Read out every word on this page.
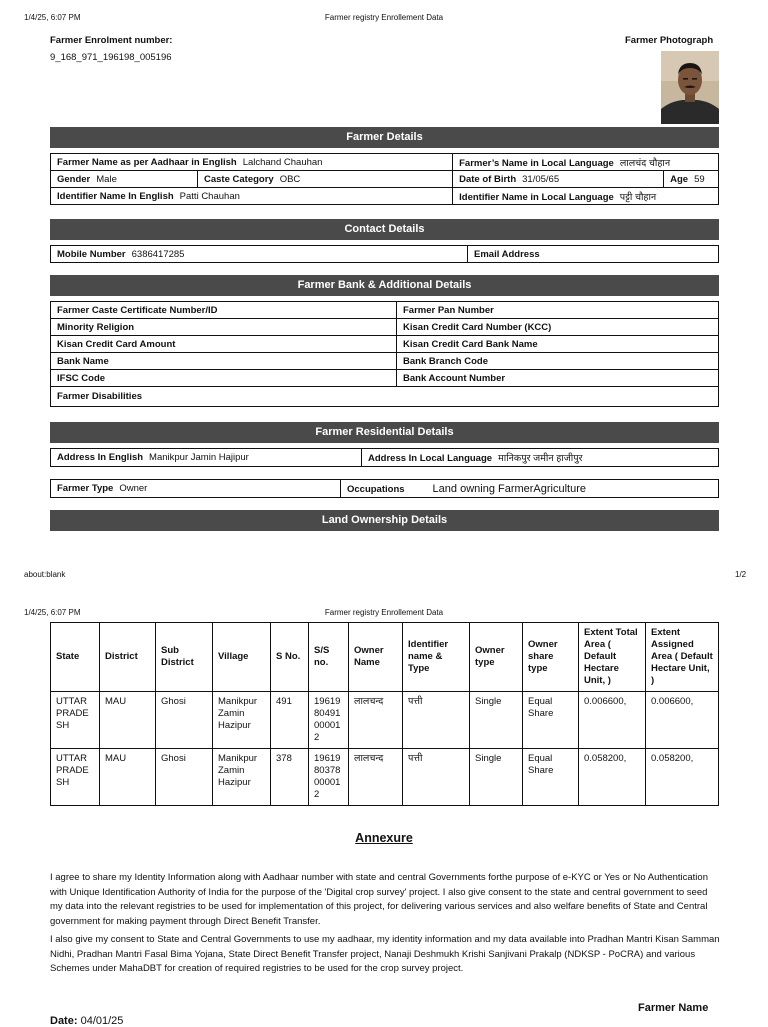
1/4/25, 6:07 PM	Farmer registry Enrollement Data
Farmer Enrolment number:
9_168_971_196198_005196
Farmer Photograph
Farmer Details
Farmer Name as per Aadhaar in English Lalchand Chauhan		Farmer’s Name in Local Language लालचंद चौहान	
Gender Male	Caste Category OBC	Date of Birth 31/05/65	Age 59
Identifier Name In English Patti Chauhan		Identifier Name in Local Language पट्टी चौहान	
Contact Details
Mobile Number 6386417285	Email Address
Farmer Bank & Additional Details
Farmer Caste Certificate Number/ID	Farmer Pan Number
Minority Religion	Kisan Credit Card Number (KCC)
Kisan Credit Card Amount	Kisan Credit Card Bank Name
Bank Name	Bank Branch Code
IFSC Code	Bank Account Number
Farmer Disabilities	
Farmer Residential Details
Address In English Manikpur Jamin Hajipur	Address In Local Language मानिकपुर जमीन हाजीपुर
Farmer Type Owner	Occupations	Land owning FarmerAgriculture
Land Ownership Details
about:blank	1/2
1/4/25, 6:07 PM	Farmer registry Enrollement Data
State	District	Sub District	Village	S No.	S/S no.	Owner Name	Identifier name & Type	Owner type	Owner share type	Extent Total Area ( Default Hectare Unit, )	Extent Assigned Area ( Default Hectare Unit, )
UTTAR PRADESH	MAU	Ghosi	Manikpur Zamin Hazipur	491	1961980491000012	लालचन्द	पत्ती	Single	Equal Share	0.006600,	0.006600,
UTTAR PRADESH	MAU	Ghosi	Manikpur Zamin Hazipur	378	1961980378000012	लालचन्द	पत्ती	Single	Equal Share	0.058200,	0.058200,
Annexure

I agree to share my Identity Information along with Aadhaar number with state and central Governments forthe purpose of e-KYC or Yes or No Authentication with Unique Identification Authority of India for the purpose of the 'Digital crop survey' project. I also give consent to the state and central government to seed my data into the relevant registries to be used for implementation of this project, for delivering various services and also welfare benefits of State and Central government for making payment through Direct Benefit Transfer.

I also give my consent to State and Central Governments to use my aadhaar, my identity information and my data available into Pradhan Mantri Kisan Samman Nidhi, Pradhan Mantri Fasal Bima Yojana, State Direct Benefit Transfer project, Nanaji Deshmukh Krishi Sanjivani Prakalp (NDKSP - PoCRA) and various Schemes under MahaDBT for creation of required registries to be used for the crop survey project.

Farmer Name
Date: 04/01/25
